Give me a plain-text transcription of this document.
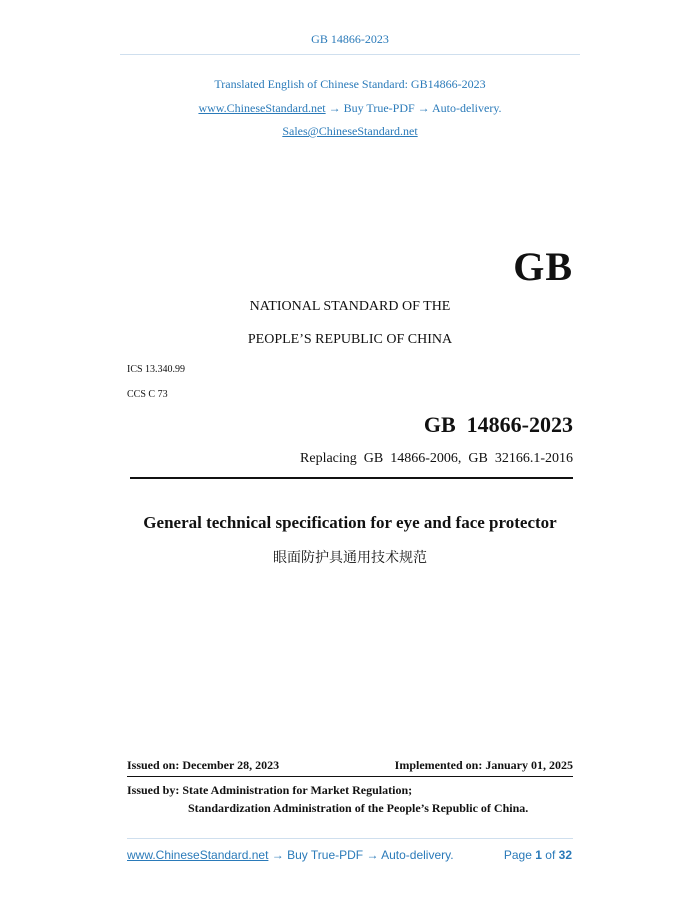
GB 14866-2023
Translated English of Chinese Standard: GB14866-2023
www.ChineseStandard.net → Buy True-PDF → Auto-delivery.
Sales@ChineseStandard.net
GB
NATIONAL STANDARD OF THE
PEOPLE’S REPUBLIC OF CHINA
ICS 13.340.99
CCS C 73
GB  14866-2023
Replacing  GB  14866-2006,  GB  32166.1-2016
General technical specification for eye and face protector
眼面防护具通用技术规范
Issued on: December 28, 2023	Implemented on: January 01, 2025
Issued by: State Administration for Market Regulation;
Standardization Administration of the People’s Republic of China.
www.ChineseStandard.net → Buy True-PDF → Auto-delivery.	Page 1 of 32
